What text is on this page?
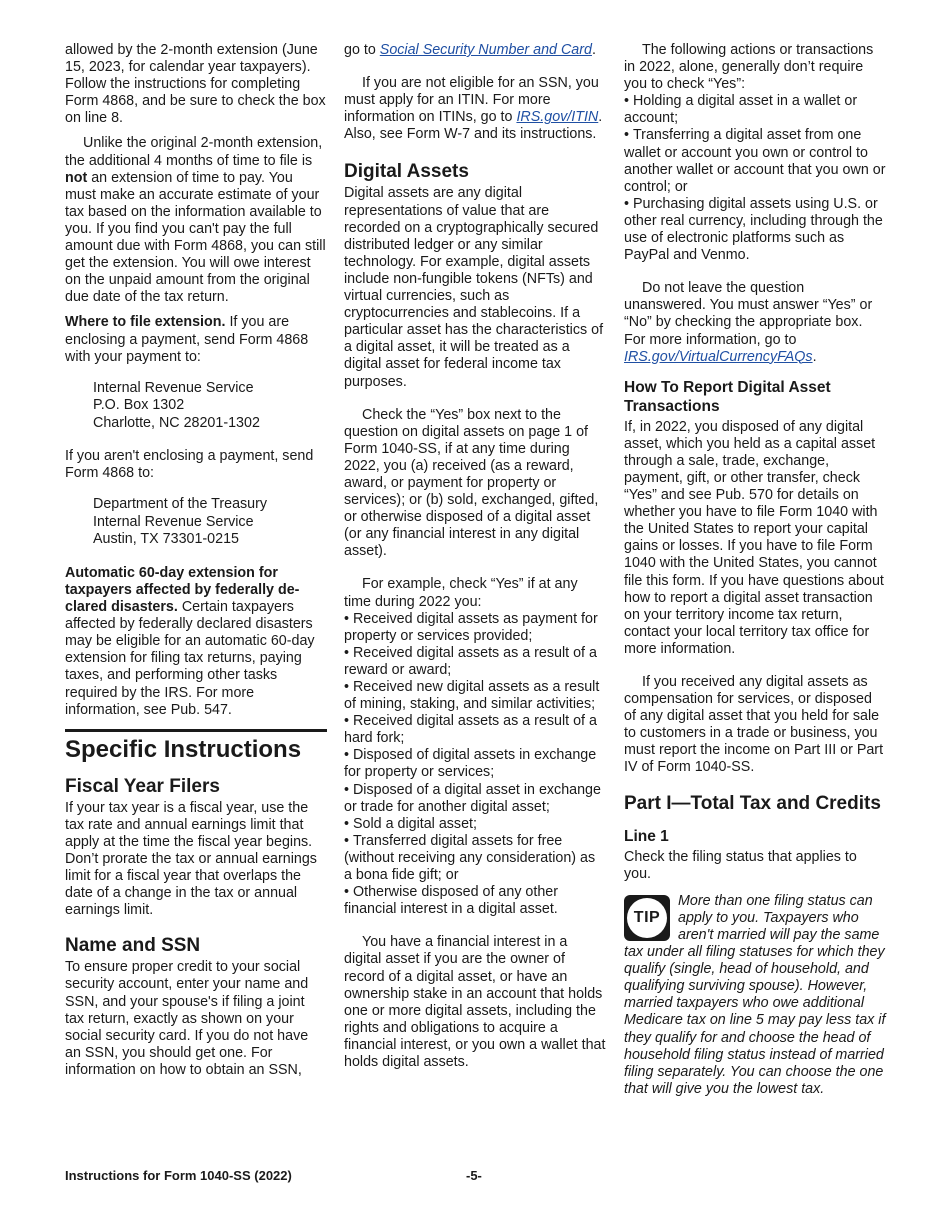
allowed by the 2-month extension (June 15, 2023, for calendar year taxpayers). Follow the instructions for completing Form 4868, and be sure to check the box on line 8.

Unlike the original 2-month extension, the additional 4 months of time to file is not an extension of time to pay. You must make an accurate estimate of your tax based on the information available to you. If you find you can't pay the full amount due with Form 4868, you can still get the extension. You will owe interest on the unpaid amount from the original due date of the tax return.

Where to file extension. If you are enclosing a payment, send Form 4868 with your payment to:

Internal Revenue Service
P.O. Box 1302
Charlotte, NC 28201-1302

If you aren't enclosing a payment, send Form 4868 to:

Department of the Treasury
Internal Revenue Service
Austin, TX 73301-0215

Automatic 60-day extension for taxpayers affected by federally declared disasters. Certain taxpayers affected by federally declared disasters may be eligible for an automatic 60-day extension for filing tax returns, paying taxes, and performing other tasks required by the IRS. For more information, see Pub. 547.

Specific Instructions
Fiscal Year Filers

If your tax year is a fiscal year, use the tax rate and annual earnings limit that apply at the time the fiscal year begins. Don’t prorate the tax or annual earnings limit for a fiscal year that overlaps the date of a change in the tax or annual earnings limit.

Name and SSN

To ensure proper credit to your social security account, enter your name and SSN, and your spouse's if filing a joint tax return, exactly as shown on your social security card. If you do not have an SSN, you should get one. For information on how to obtain an SSN,

go to Social Security Number and Card.

If you are not eligible for an SSN, you must apply for an ITIN. For more information on ITINs, go to IRS.gov/ITIN. Also, see Form W-7 and its instructions.

Digital Assets

Digital assets are any digital representations of value that are recorded on a cryptographically secured distributed ledger or any similar technology. For example, digital assets include non-fungible tokens (NFTs) and virtual currencies, such as cryptocurrencies and stablecoins. If a particular asset has the characteristics of a digital asset, it will be treated as a digital asset for federal income tax purposes.

Check the “Yes” box next to the question on digital assets on page 1 of Form 1040-SS, if at any time during 2022, you (a) received (as a reward, award, or payment for property or services); or (b) sold, exchanged, gifted, or otherwise disposed of a digital asset (or any financial interest in any digital asset).

For example, check “Yes” if at any time during 2022 you:

• Received digital assets as payment for property or services provided;

• Received digital assets as a result of a reward or award;

• Received new digital assets as a result of mining, staking, and similar activities;

• Received digital assets as a result of a hard fork;

• Disposed of digital assets in exchange for property or services;

• Disposed of a digital asset in exchange or trade for another digital asset;

• Sold a digital asset;

• Transferred digital assets for free (without receiving any consideration) as a bona fide gift; or

• Otherwise disposed of any other financial interest in a digital asset.

You have a financial interest in a digital asset if you are the owner of record of a digital asset, or have an ownership stake in an account that holds one or more digital assets, including the rights and obligations to acquire a financial interest, or you own a wallet that holds digital assets.

The following actions or transactions in 2022, alone, generally don’t require you to check “Yes”:

• Holding a digital asset in a wallet or account;

• Transferring a digital asset from one wallet or account you own or control to another wallet or account that you own or control; or

• Purchasing digital assets using U.S. or other real currency, including through the use of electronic platforms such as PayPal and Venmo.

Do not leave the question unanswered. You must answer “Yes” or “No” by checking the appropriate box. For more information, go to IRS.gov/VirtualCurrencyFAQs.

How To Report Digital Asset Transactions

If, in 2022, you disposed of any digital asset, which you held as a capital asset through a sale, trade, exchange, payment, gift, or other transfer, check “Yes” and see Pub. 570 for details on whether you have to file Form 1040 with the United States to report your capital gains or losses. If you have to file Form 1040 with the United States, you cannot file this form. If you have questions about how to report a digital asset transaction on your territory income tax return, contact your local territory tax office for more information.

If you received any digital assets as compensation for services, or disposed of any digital asset that you held for sale to customers in a trade or business, you must report the income on Part III or Part IV of Form 1040-SS.

Part I—Total Tax and Credits
Line 1

Check the filing status that applies to you.

TIP

More than one filing status can apply to you. Taxpayers who aren't married will pay the same tax under all filing statuses for which they qualify (single, head of household, and qualifying surviving spouse). However, married taxpayers who owe additional Medicare tax on line 5 may pay less tax if they qualify for and choose the head of household filing status instead of married filing separately. You can choose the one that will give you the lowest tax.

Instructions for Form 1040-SS (2022)	-5-
